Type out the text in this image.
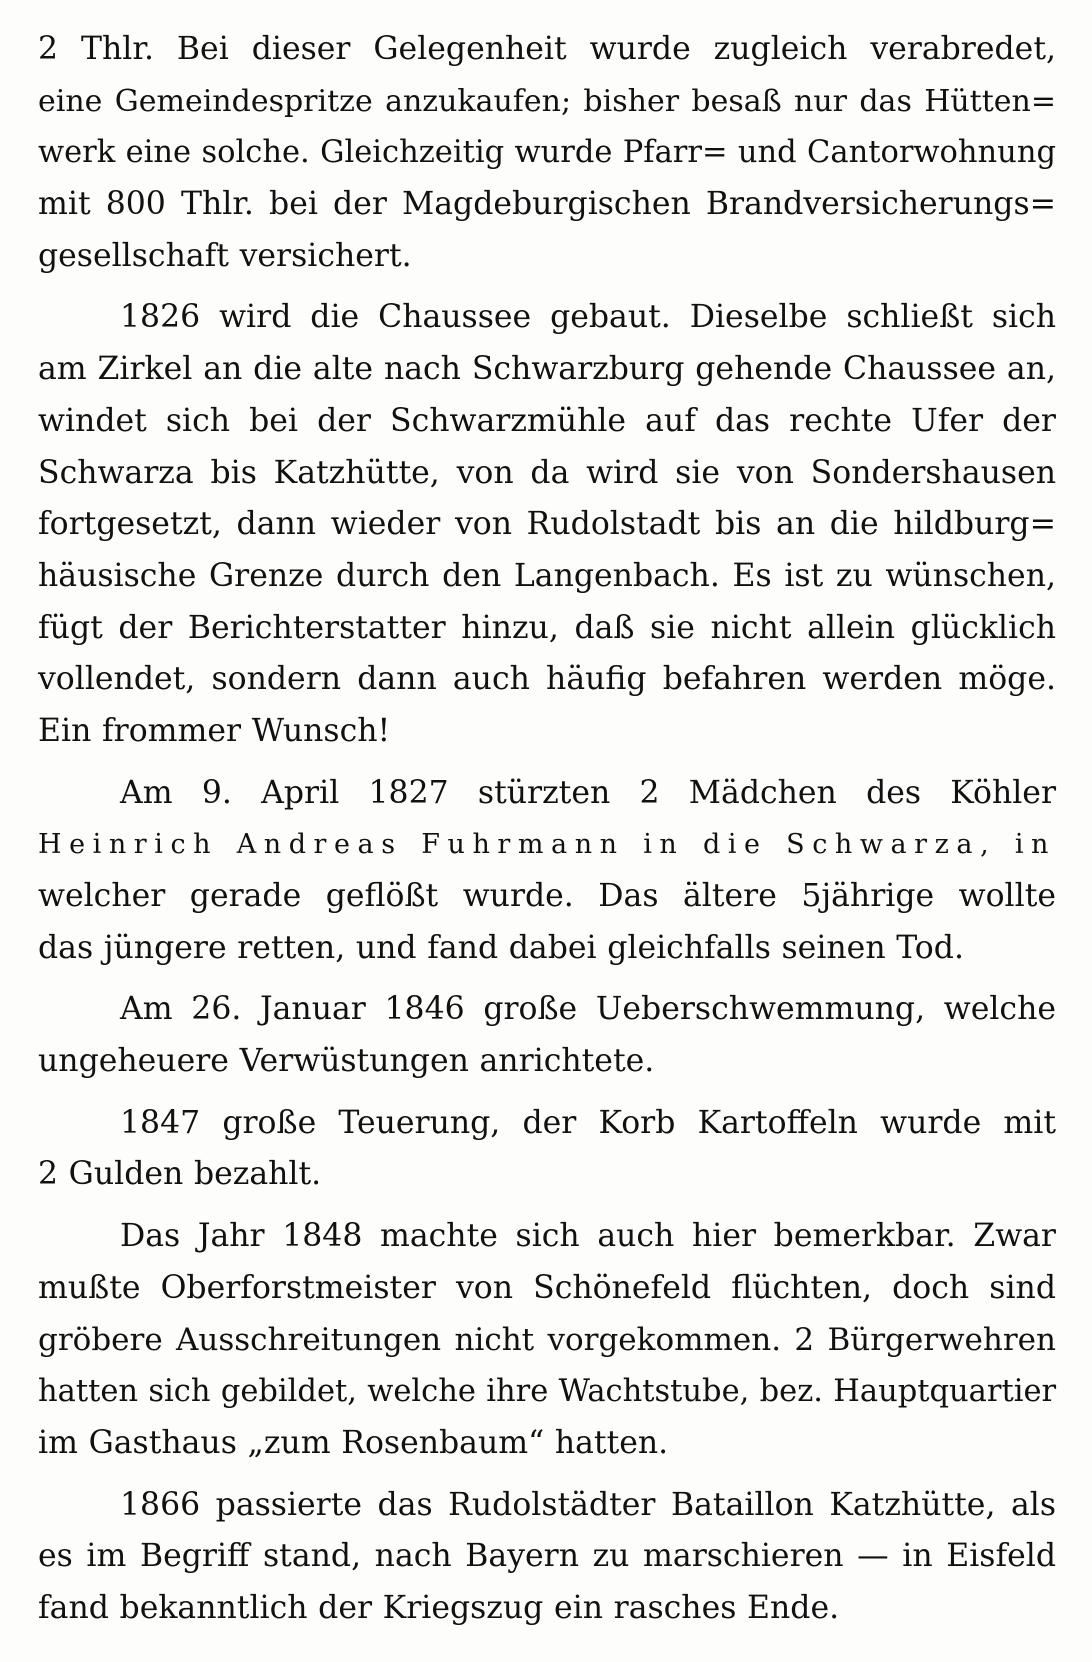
2 Thlr. Bei dieser Gelegenheit wurde zugleich verabredet,
eine Gemeindespritze anzukaufen; bisher besaß nur das Hütten=
werk eine solche. Gleichzeitig wurde Pfarr= und Cantorwohnung
mit 800 Thlr. bei der Magdeburgischen Brandversicherungs=
gesellschaft versichert.

1826 wird die Chaussee gebaut. Dieselbe schließt sich
am Zirkel an die alte nach Schwarzburg gehende Chaussee an,
windet sich bei der Schwarzmühle auf das rechte Ufer der
Schwarza bis Katzhütte, von da wird sie von Sondershausen
fortgesetzt, dann wieder von Rudolstadt bis an die hildburg=
häusische Grenze durch den Langenbach. Es ist zu wünschen,
fügt der Berichterstatter hinzu, daß sie nicht allein glücklich
vollendet, sondern dann auch häufig befahren werden möge.
Ein frommer Wunsch!

Am 9. April 1827 stürzten 2 Mädchen des Köhler
Heinrich Andreas Fuhrmann in die Schwarza, in
welcher gerade geflößt wurde. Das ältere 5jährige wollte
das jüngere retten, und fand dabei gleichfalls seinen Tod.

Am 26. Januar 1846 große Ueberschwemmung, welche
ungeheuere Verwüstungen anrichtete.

1847 große Teuerung, der Korb Kartoffeln wurde mit
2 Gulden bezahlt.

Das Jahr 1848 machte sich auch hier bemerkbar. Zwar
mußte Oberforstmeister von Schönefeld flüchten, doch sind
gröbere Ausschreitungen nicht vorgekommen. 2 Bürgerwehren
hatten sich gebildet, welche ihre Wachtstube, bez. Hauptquartier
im Gasthaus „zum Rosenbaum“ hatten.

1866 passierte das Rudolstädter Bataillon Katzhütte, als
es im Begriff stand, nach Bayern zu marschieren — in Eisfeld
fand bekanntlich der Kriegszug ein rasches Ende.
